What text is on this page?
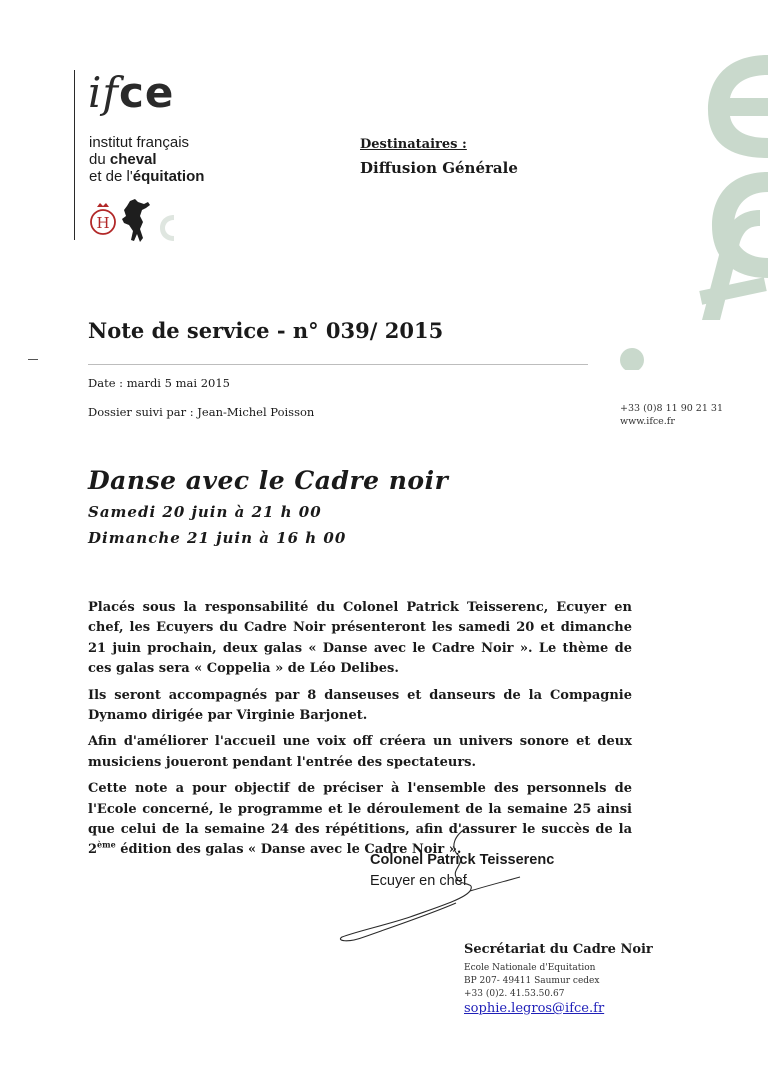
ifce
institut français
du cheval
et de l'équitation
H
Destinataires :
Diffusion Générale
Note de service - n° 039/ 2015
Date : mardi 5 mai 2015
Dossier suivi par : Jean-Michel Poisson	+33 (0)8 11 90 21 31
www.ifce.fr
Danse avec le Cadre noir
Samedi 20 juin à 21 h 00
Dimanche 21 juin à 16 h 00

Placés sous la responsabilité du Colonel Patrick Teisserenc, Ecuyer en chef, les Ecuyers du Cadre Noir présenteront les samedi 20 et dimanche 21 juin prochain, deux galas « Danse avec le Cadre Noir ». Le thème de ces galas sera « Coppelia » de Léo Delibes.

Ils seront accompagnés par 8 danseuses et danseurs de la Compagnie Dynamo dirigée par Virginie Barjonet.

Afin d'améliorer l'accueil une voix off créera un univers sonore et deux musiciens joueront pendant l'entrée des spectateurs.

Cette note a pour objectif de préciser à l'ensemble des personnels de l'Ecole concerné, le programme et le déroulement de la semaine 25 ainsi que celui de la semaine 24 des répétitions, afin d'assurer le succès de la 2ème édition des galas « Danse avec le Cadre Noir ».

Colonel Patrick Teisserenc
Ecuyer en chef
Secrétariat du Cadre Noir
Ecole Nationale d'Equitation
BP 207- 49411 Saumur cedex
+33 (0)2. 41.53.50.67
sophie.legros@ifce.fr
